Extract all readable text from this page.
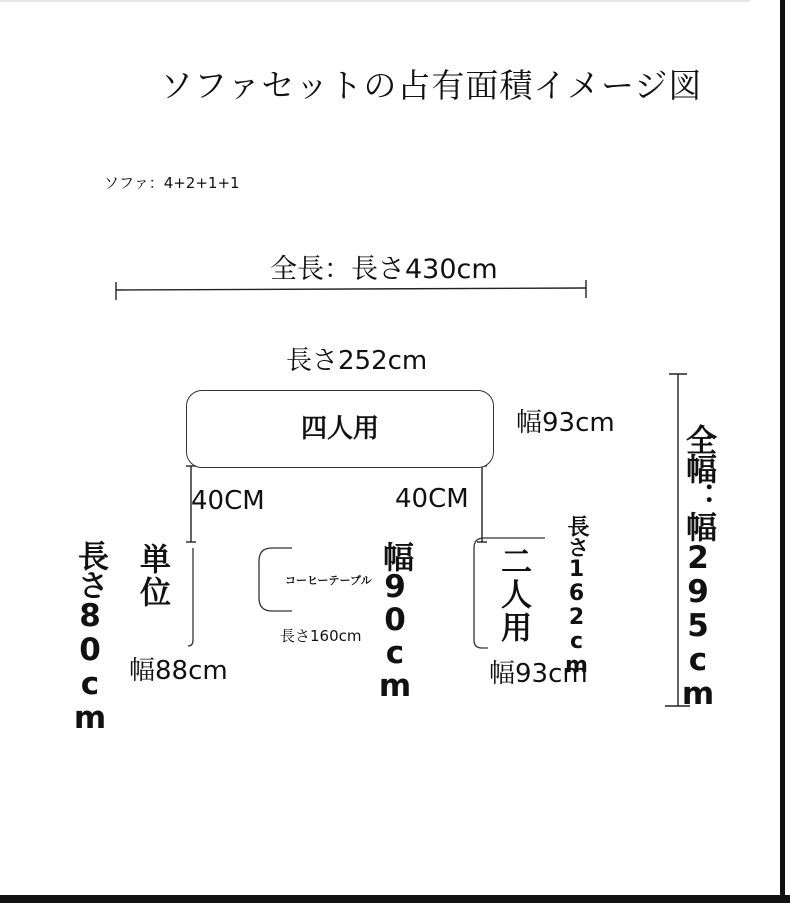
ソファセットの占有面積イメージ図
ソファ：4+2+1+1
四人用
全長：長さ430cm
長さ252cm
幅93cm
40CM	40CM
幅88cm	幅93cm
長さ160cm
コーヒーテーブル
長さ80cm 単位	幅90cm	二人用 長さ162cm	全幅：幅295cm
